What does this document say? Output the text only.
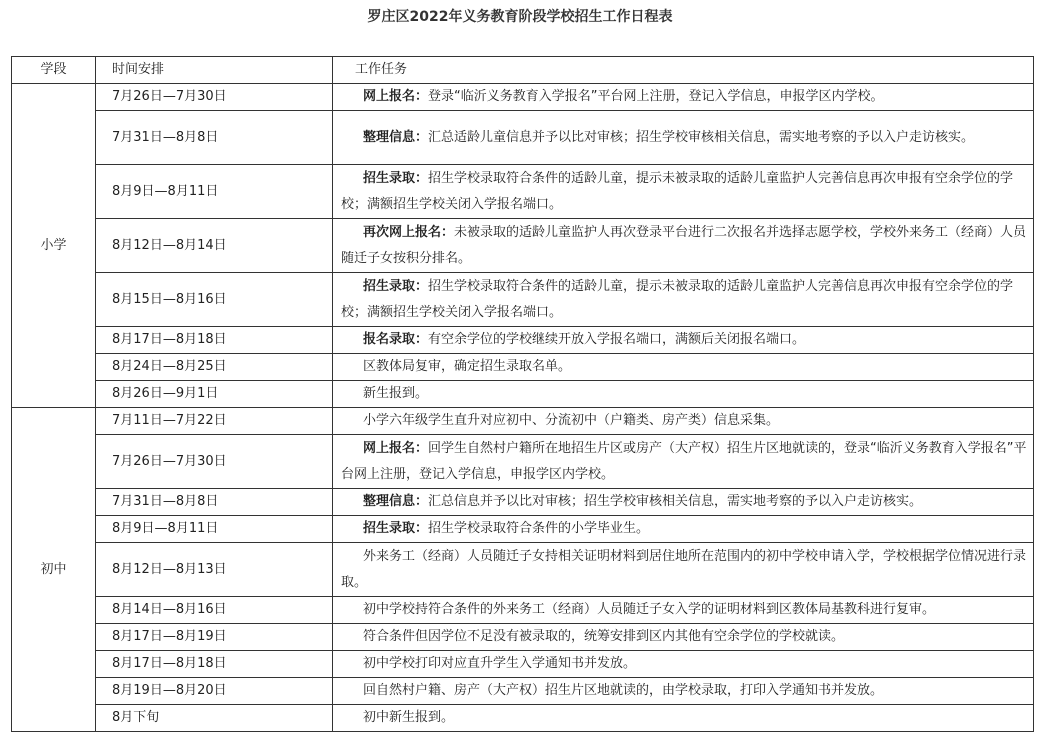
罗庄区2022年义务教育阶段学校招生工作日程表
学段	时间安排	工作任务
小学	7月26日—7月30日	网上报名：登录“临沂义务教育入学报名”平台网上注册，登记入学信息，申报学区内学校。
	7月31日—8月8日	整理信息：汇总适龄儿童信息并予以比对审核；招生学校审核相关信息，需实地考察的予以入户走访核实。
	8月9日—8月11日	招生录取：招生学校录取符合条件的适龄儿童，提示未被录取的适龄儿童监护人完善信息再次申报有空余学位的学校；满额招生学校关闭入学报名端口。
	8月12日—8月14日	再次网上报名：未被录取的适龄儿童监护人再次登录平台进行二次报名并选择志愿学校，学校外来务工（经商）人员随迁子女按积分排名。
	8月15日—8月16日	招生录取：招生学校录取符合条件的适龄儿童，提示未被录取的适龄儿童监护人完善信息再次申报有空余学位的学校；满额招生学校关闭入学报名端口。
	8月17日—8月18日	报名录取：有空余学位的学校继续开放入学报名端口，满额后关闭报名端口。
	8月24日—8月25日	区教体局复审，确定招生录取名单。
	8月26日—9月1日	新生报到。
初中	7月11日—7月22日	小学六年级学生直升对应初中、分流初中（户籍类、房产类）信息采集。
	7月26日—7月30日	网上报名：回学生自然村户籍所在地招生片区或房产（大产权）招生片区地就读的，登录“临沂义务教育入学报名”平台网上注册，登记入学信息，申报学区内学校。
	7月31日—8月8日	整理信息：汇总信息并予以比对审核；招生学校审核相关信息，需实地考察的予以入户走访核实。
	8月9日—8月11日	招生录取：招生学校录取符合条件的小学毕业生。
	8月12日—8月13日	外来务工（经商）人员随迁子女持相关证明材料到居住地所在范围内的初中学校申请入学，学校根据学位情况进行录取。
	8月14日—8月16日	初中学校持符合条件的外来务工（经商）人员随迁子女入学的证明材料到区教体局基教科进行复审。
	8月17日—8月19日	符合条件但因学位不足没有被录取的，统筹安排到区内其他有空余学位的学校就读。
	8月17日—8月18日	初中学校打印对应直升学生入学通知书并发放。
	8月19日—8月20日	回自然村户籍、房产（大产权）招生片区地就读的，由学校录取，打印入学通知书并发放。
	8月下旬	初中新生报到。
